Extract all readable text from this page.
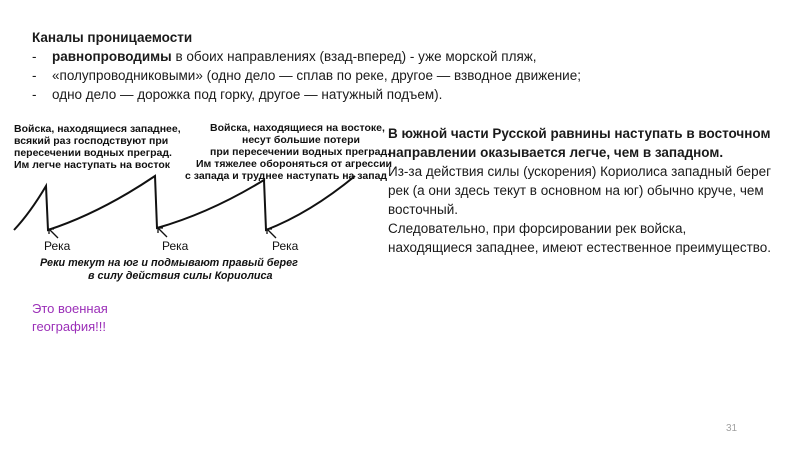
Каналы проницаемости
-	равнопроводимы в обоих направлениях (взад-вперед) - уже морской пляж,
-	«полупроводниковыми» (одно дело — сплав по реке, другое — взводное движение;
-	одно дело — дорожка под горку, другое — натужный подъем).
Войска, находящиеся западнее,
всякий раз господствуют при
пересечении водных преград.
Им легче наступать на восток
Войска, находящиеся на востоке,
несут большие потери
при пересечении водных преград.
Им тяжелее обороняться от агрессии
с запада и труднее наступать на запад
Река	Река	Река
Реки текут на юг и подмывают правый берег
в силу действия силы Кориолиса
В южной части Русской равнины наступать в восточном направлении оказывается легче, чем в западном.
Из-за действия силы (ускорения) Кориолиса западный берег рек (а они здесь текут в основном на юг) обычно круче, чем восточный.
Следовательно, при форсировании рек войска, находящиеся западнее, имеют естественное преимущество.
Это военная география!!!
31
